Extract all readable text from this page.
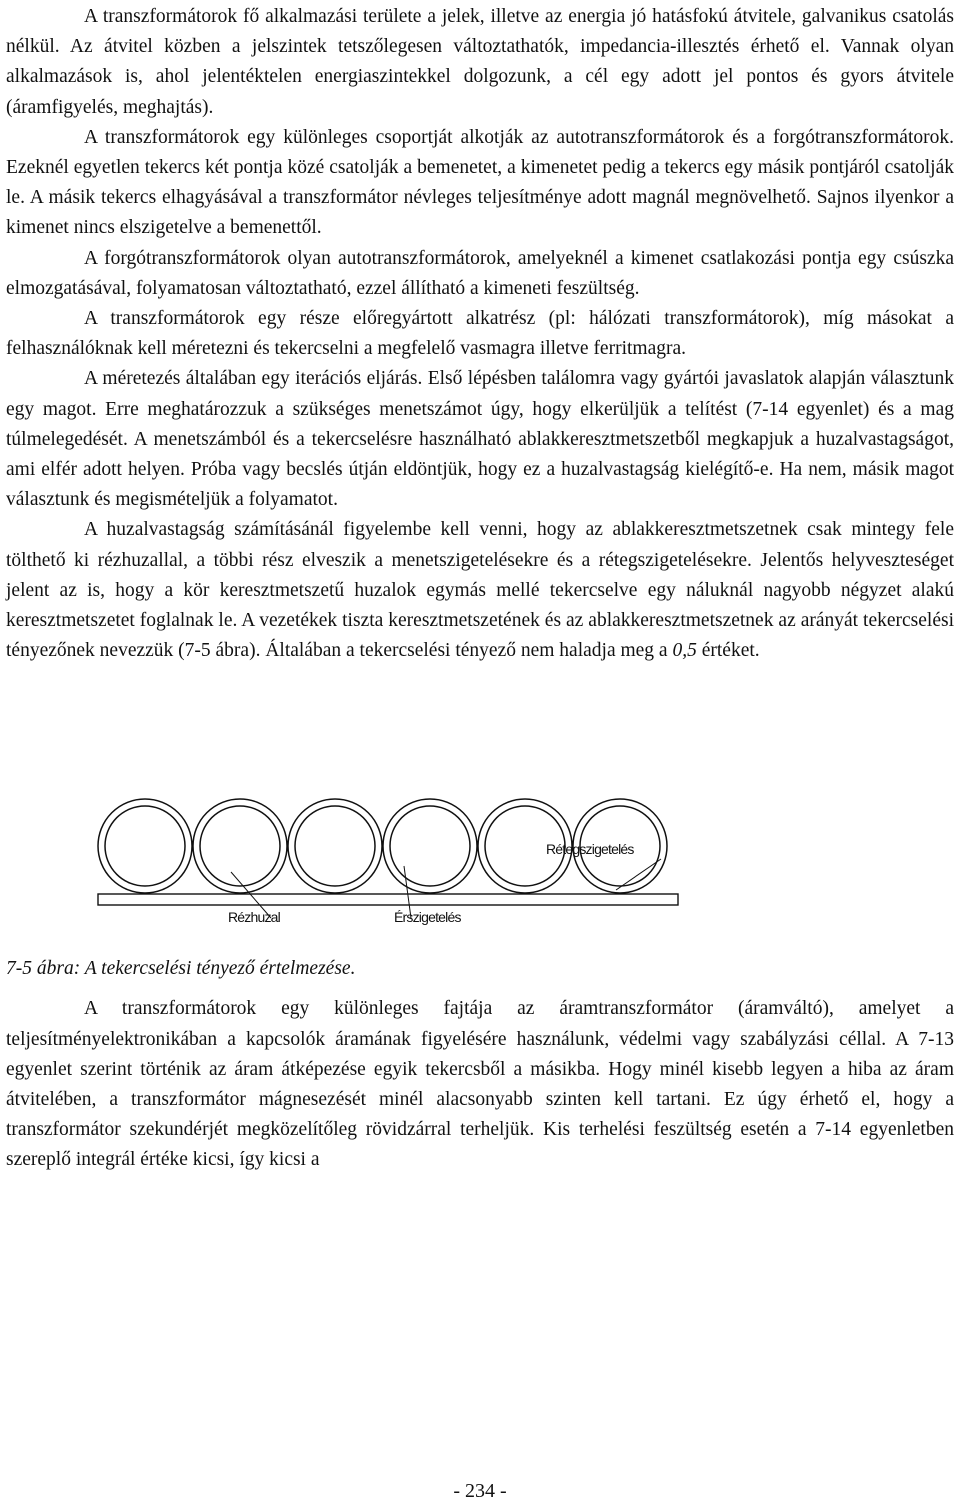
A transzformátorok fő alkalmazási területe a jelek, illetve az energia jó hatásfokú átvitele, galvanikus csatolás nélkül. Az átvitel közben a jelszintek tetszőlegesen változtathatók, impedancia-illesztés érhető el. Vannak olyan alkalmazások is, ahol jelentéktelen energiaszintekkel dolgozunk, a cél egy adott jel pontos és gyors átvitele (áramfigyelés, meghajtás).

A transzformátorok egy különleges csoportját alkotják az autotranszformátorok és a forgótranszformátorok. Ezeknél egyetlen tekercs két pontja közé csatolják a bemenetet, a kimenetet pedig a tekercs egy másik pontjáról csatolják le. A másik tekercs elhagyásával a transzformátor névleges teljesítménye adott magnál megnövelhető. Sajnos ilyenkor a kimenet nincs elszigetelve a bemenettől.

A forgótranszformátorok olyan autotranszformátorok, amelyeknél a kimenet csatlakozási pontja egy csúszka elmozgatásával, folyamatosan változtatható, ezzel állítható a kimeneti feszültség.

A transzformátorok egy része előregyártott alkatrész (pl: hálózati transzformátorok), míg másokat a felhasználóknak kell méretezni és tekercselni a megfelelő vasmagra illetve ferritmagra.

A méretezés általában egy iterációs eljárás. Első lépésben találomra vagy gyártói javaslatok alapján választunk egy magot. Erre meghatározzuk a szükséges menetszámot úgy, hogy elkerüljük a telítést (7-14 egyenlet) és a mag túlmelegedését. A menetszámból és a tekercselésre használható ablakkeresztmetszetből megkapjuk a huzalvastagságot, ami elfér adott helyen. Próba vagy becslés útján eldöntjük, hogy ez a huzalvastagság kielégítő-e. Ha nem, másik magot választunk és megismételjük a folyamatot.

A huzalvastagság számításánál figyelembe kell venni, hogy az ablakkeresztmetszetnek csak mintegy fele tölthető ki rézhuzallal, a többi rész elveszik a menetszigetelésekre és a rétegszigetelésekre. Jelentős helyveszteséget jelent az is, hogy a kör keresztmetszetű huzalok egymás mellé tekercselve egy náluknál nagyobb négyzet alakú keresztmetszetet foglalnak le. A vezetékek tiszta keresztmetszetének és az ablakkeresztmetszetnek az arányát tekercselési tényezőnek nevezzük (7-5 ábra). Általában a tekercselési tényező nem haladja meg a 0,5 értéket.

Rétegszigetelés
Rézhuzal	Érszigetelés

7-5 ábra: A tekercselési tényező értelmezése.

A transzformátorok egy különleges fajtája az áramtranszformátor (áramváltó), amelyet a teljesítményelektronikában a kapcsolók áramának figyelésére használunk, védelmi vagy szabályzási céllal. A 7-13 egyenlet szerint történik az áram átképezése egyik tekercsből a másikba. Hogy minél kisebb legyen a hiba az áram átvitelében, a transzformátor mágnesezését minél alacsonyabb szinten kell tartani. Ez úgy érhető el, hogy a transzformátor szekundérjét megközelítőleg rövidzárral terheljük. Kis terhelési feszültség esetén a 7-14 egyenletben szereplő integrál értéke kicsi, így kicsi a

- 234 -
